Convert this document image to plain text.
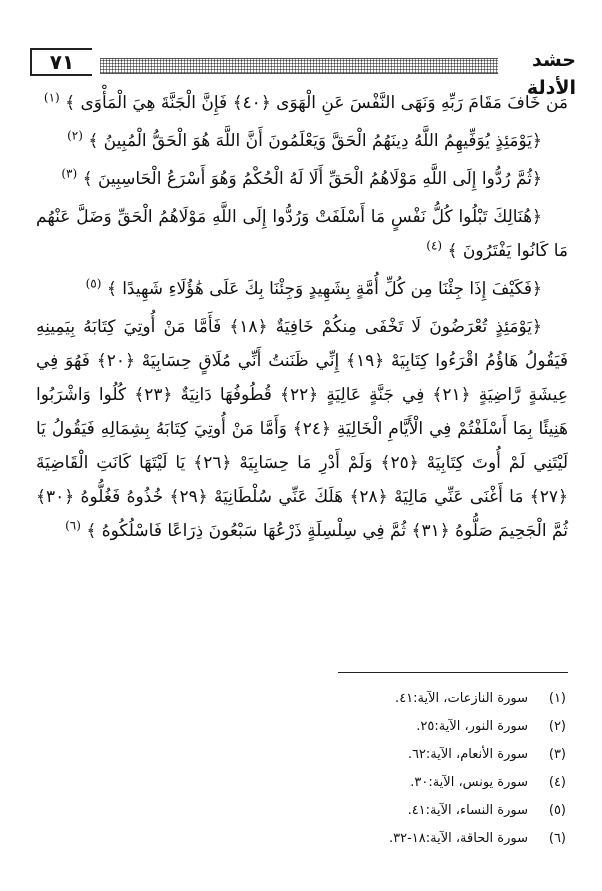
٧١	حشد الأدلة

مَن خَافَ مَقَامَ رَبِّهِ وَنَهَى النَّفْسَ عَنِ الْهَوَى ﴿٤٠﴾ فَإِنَّ الْجَنَّةَ هِيَ الْمَأْوَى ﴾ $^{(١)}$

﴿يَوْمَئِذٍ يُوَفِّيهِمُ اللَّهُ دِينَهُمُ الْحَقَّ وَيَعْلَمُونَ أَنَّ اللَّهَ هُوَ الْحَقُّ الْمُبِينُ ﴾ $^{(٢)}$

﴿ثُمَّ رُدُّوا إِلَى اللَّهِ مَوْلَاهُمُ الْحَقِّ أَلَا لَهُ الْحُكْمُ وَهُوَ أَسْرَعُ الْحَاسِبِينَ ﴾ $^{(٣)}$

﴿هُنَالِكَ تَبْلُوا كُلُّ نَفْسٍ مَا أَسْلَفَتْ وَرُدُّوا إِلَى اللَّهِ مَوْلَاهُمُ الْحَقِّ وَضَلَّ عَنْهُم مَا كَانُوا يَفْتَرُونَ ﴾ $^{(٤)}$

﴿فَكَيْفَ إِذَا جِئْنَا مِن كُلِّ أُمَّةٍ بِشَهِيدٍ وَجِئْنَا بِكَ عَلَى هَٰؤُلَاءِ شَهِيدًا ﴾ $^{(٥)}$

﴿يَوْمَئِذٍ تُعْرَضُونَ لَا تَخْفَى مِنكُمْ خَافِيَةٌ ﴿١٨﴾ فَأَمَّا مَنْ أُوتِيَ كِتَابَهُ بِيَمِينِهِ فَيَقُولُ هَاؤُمُ اقْرَءُوا كِتَابِيَهْ ﴿١٩﴾ إِنِّي ظَنَنتُ أَنِّي مُلَاقٍ حِسَابِيَهْ ﴿٢٠﴾ فَهُوَ فِي عِيشَةٍ رَّاضِيَةٍ ﴿٢١﴾ فِي جَنَّةٍ عَالِيَةٍ ﴿٢٢﴾ قُطُوفُهَا دَانِيَةٌ ﴿٢٣﴾ كُلُوا وَاشْرَبُوا هَنِيئًا بِمَا أَسْلَفْتُمْ فِي الْأَيَّامِ الْخَالِيَةِ ﴿٢٤﴾ وَأَمَّا مَنْ أُوتِيَ كِتَابَهُ بِشِمَالِهِ فَيَقُولُ يَا لَيْتَنِي لَمْ أُوتَ كِتَابِيَهْ ﴿٢٥﴾ وَلَمْ أَدْرِ مَا حِسَابِيَهْ ﴿٢٦﴾ يَا لَيْتَهَا كَانَتِ الْقَاضِيَةَ ﴿٢٧﴾ مَا أَغْنَى عَنِّي مَالِيَهْ ﴿٢٨﴾ هَلَكَ عَنِّي سُلْطَانِيَهْ ﴿٢٩﴾ خُذُوهُ فَغُلُّوهُ ﴿٣٠﴾ ثُمَّ الْجَحِيمَ صَلُّوهُ ﴿٣١﴾ ثُمَّ فِي سِلْسِلَةٍ ذَرْعُهَا سَبْعُونَ ذِرَاعًا فَاسْلُكُوهُ ﴾ $^{(٦)}$

(١)
سورة النازعات، الآية:٤١.
(٢)
سورة النور، الآية:٢٥.
(٣)
سورة الأنعام، الآية:٦٢.
(٤)
سورة يونس، الآية:٣٠.
(٥)
سورة النساء، الآية:٤١.
(٦)
سورة الحاقة، الآية:١٨-٣٢.
